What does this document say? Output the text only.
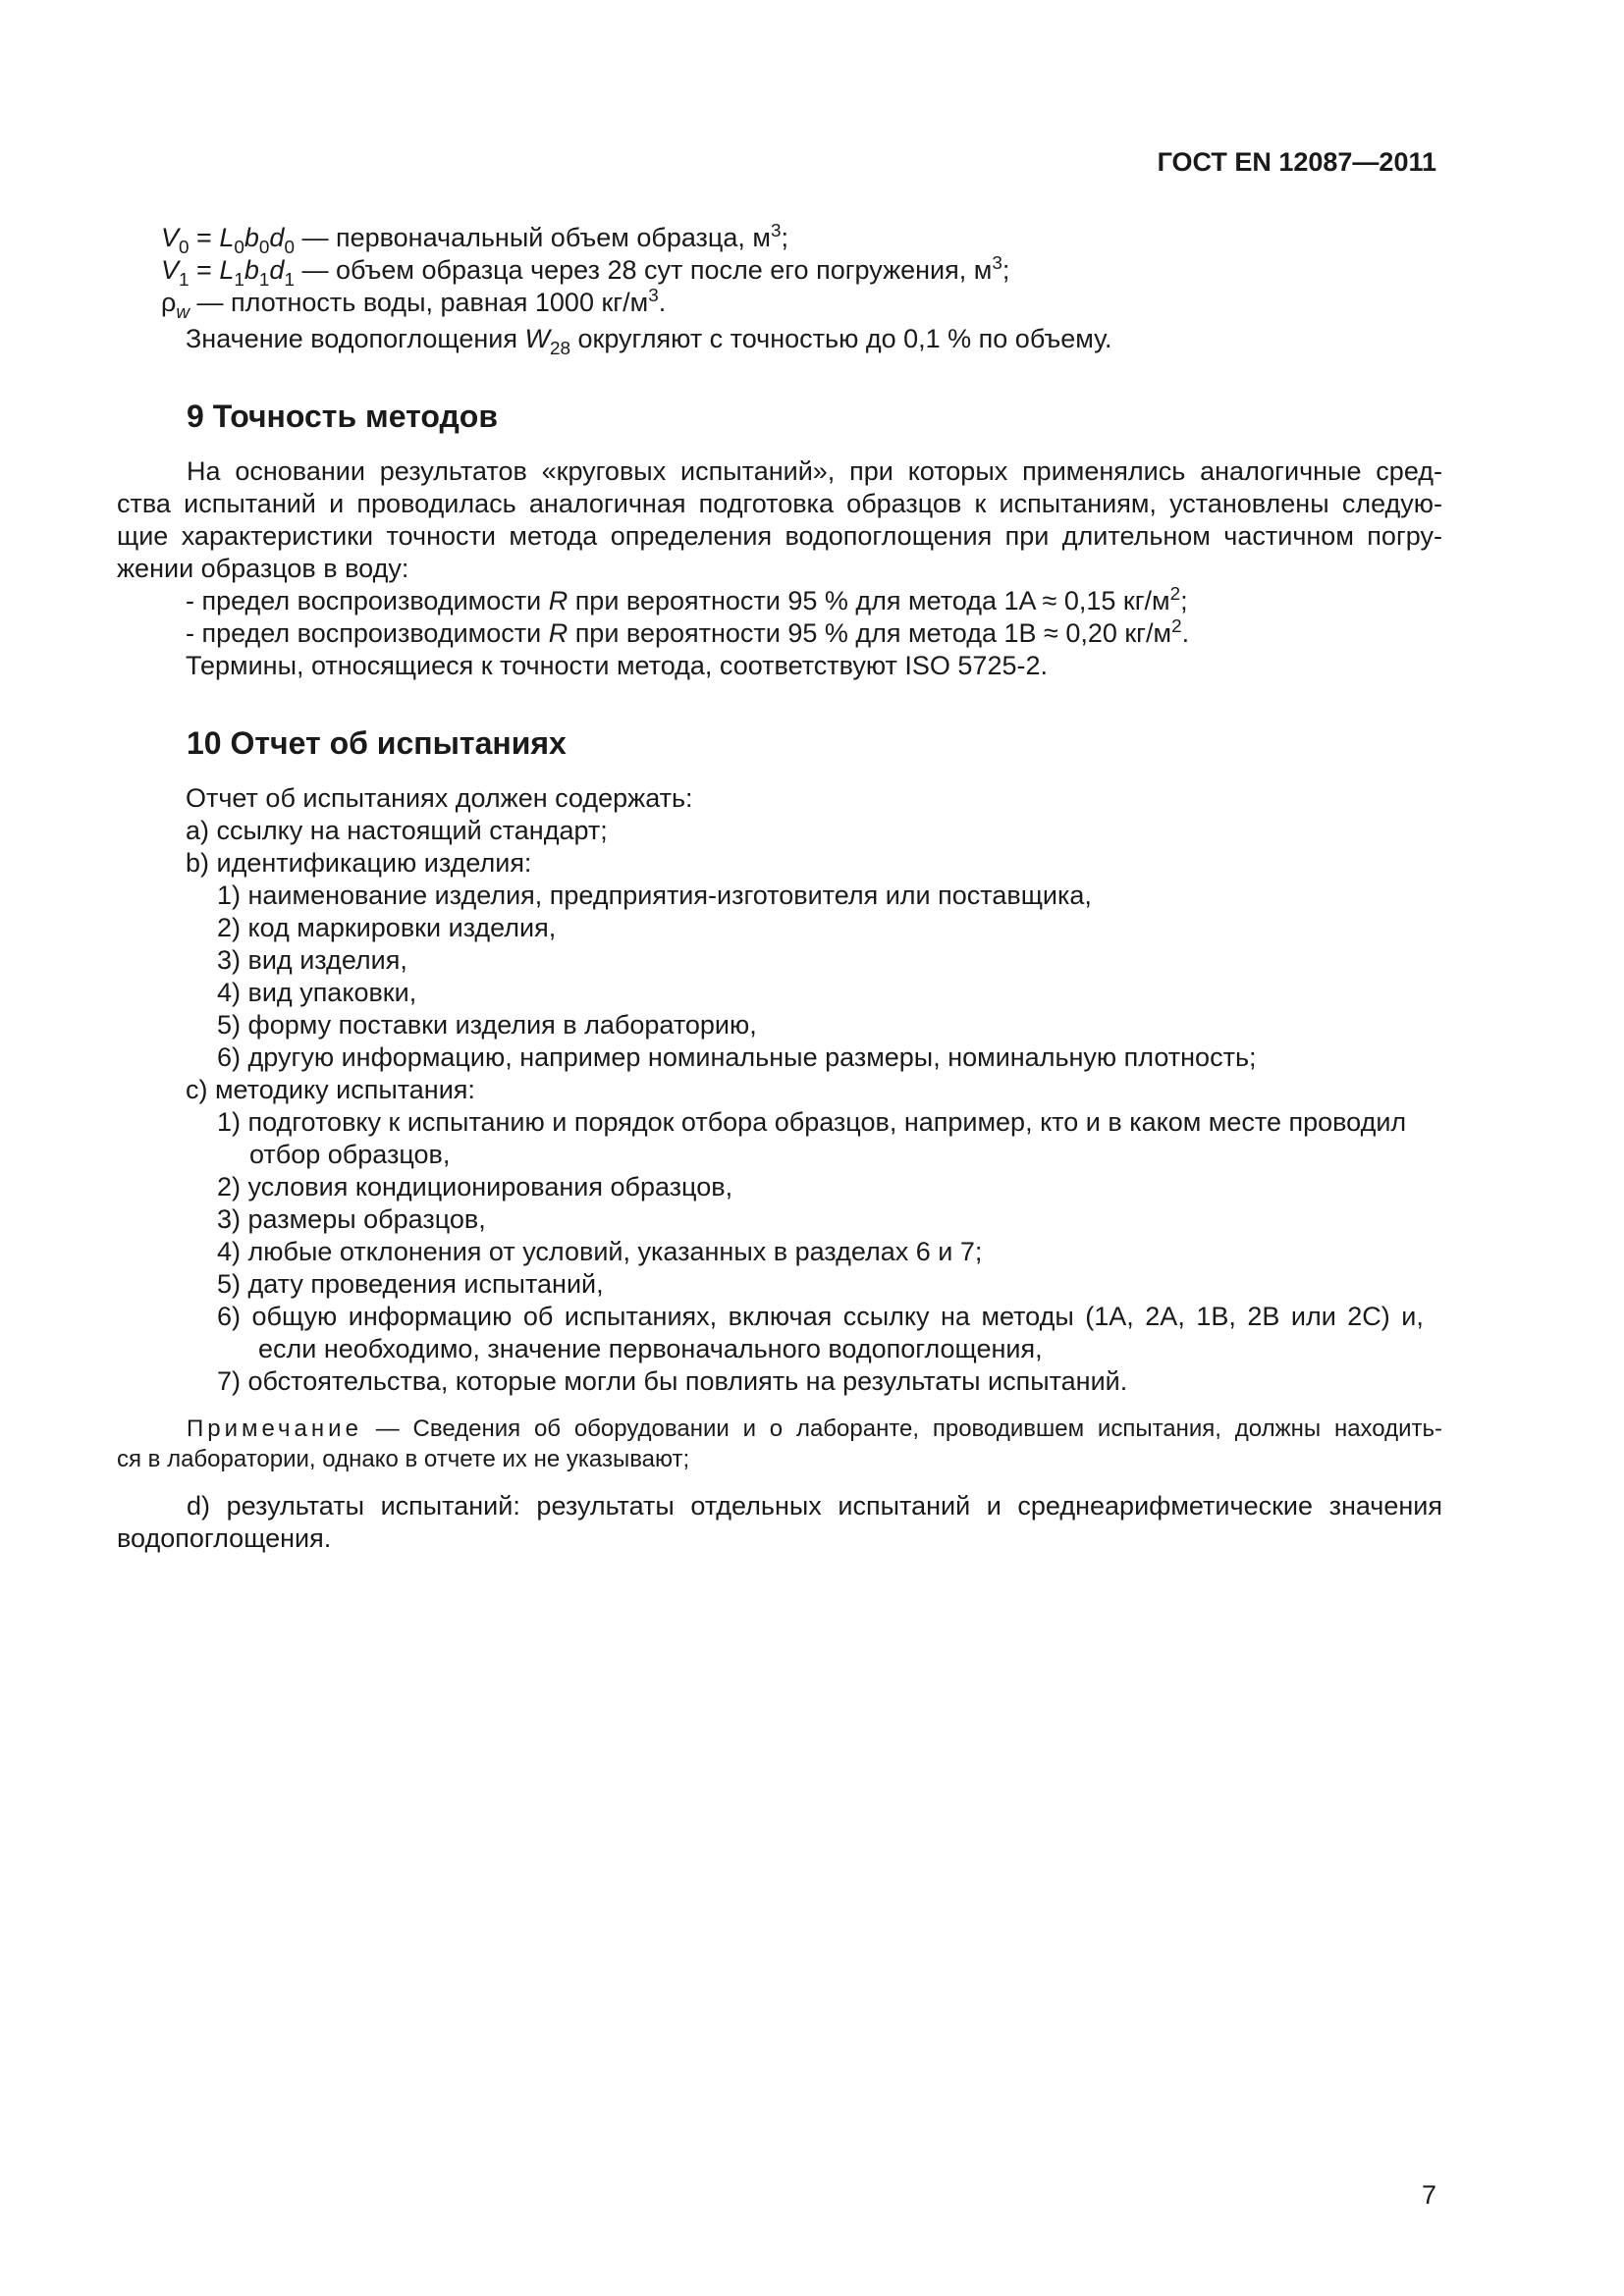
ГОСТ EN 12087—2011
$V_0 = L_0b_0d_0$ — первоначальный объем образца, $м^3$;
$V_1 = L_1b_1d_1$ — объем образца через 28 сут после его погружения, $м^3$;
$\rho_w$ — плотность воды, равная 1000 $кг/м^3$.
Значение водопоглощения $W_{28}$ округляют с точностью до 0,1 % по объему.
9 Точность методов
На основании результатов «круговых испытаний», при которых применялись аналогичные сред-
ства испытаний и проводилась аналогичная подготовка образцов к испытаниям, установлены следую-
щие характеристики точности метода определения водопоглощения при длительном частичном погру-
жении образцов в воду:
- предел воспроизводимости R при вероятности 95 % для метода 1A ≈ 0,15 $кг/м^2$;
- предел воспроизводимости R при вероятности 95 % для метода 1B ≈ 0,20 $кг/м^2$.
Термины, относящиеся к точности метода, соответствуют ISO 5725-2.
10 Отчет об испытаниях
Отчет об испытаниях должен содержать:
a) ссылку на настоящий стандарт;
b) идентификацию изделия:
1) наименование изделия, предприятия-изготовителя или поставщика,
2) код маркировки изделия,
3) вид изделия,
4) вид упаковки,
5) форму поставки изделия в лабораторию,
6) другую информацию, например номинальные размеры, номинальную плотность;
c) методику испытания:
1) подготовку к испытанию и порядок отбора образцов, например, кто и в каком месте проводил
отбор образцов,
2) условия кондиционирования образцов,
3) размеры образцов,
4) любые отклонения от условий, указанных в разделах 6 и 7;
5) дату проведения испытаний,
6) общую информацию об испытаниях, включая ссылку на методы (1A, 2A, 1B, 2B или 2C) и,
если необходимо, значение первоначального водопоглощения,
7) обстоятельства, которые могли бы повлиять на результаты испытаний.
Примечание — Сведения об оборудовании и о лаборанте, проводившем испытания, должны находить-
ся в лаборатории, однако в отчете их не указывают;
d) результаты испытаний: результаты отдельных испытаний и среднеарифметические значения
водопоглощения.
7
